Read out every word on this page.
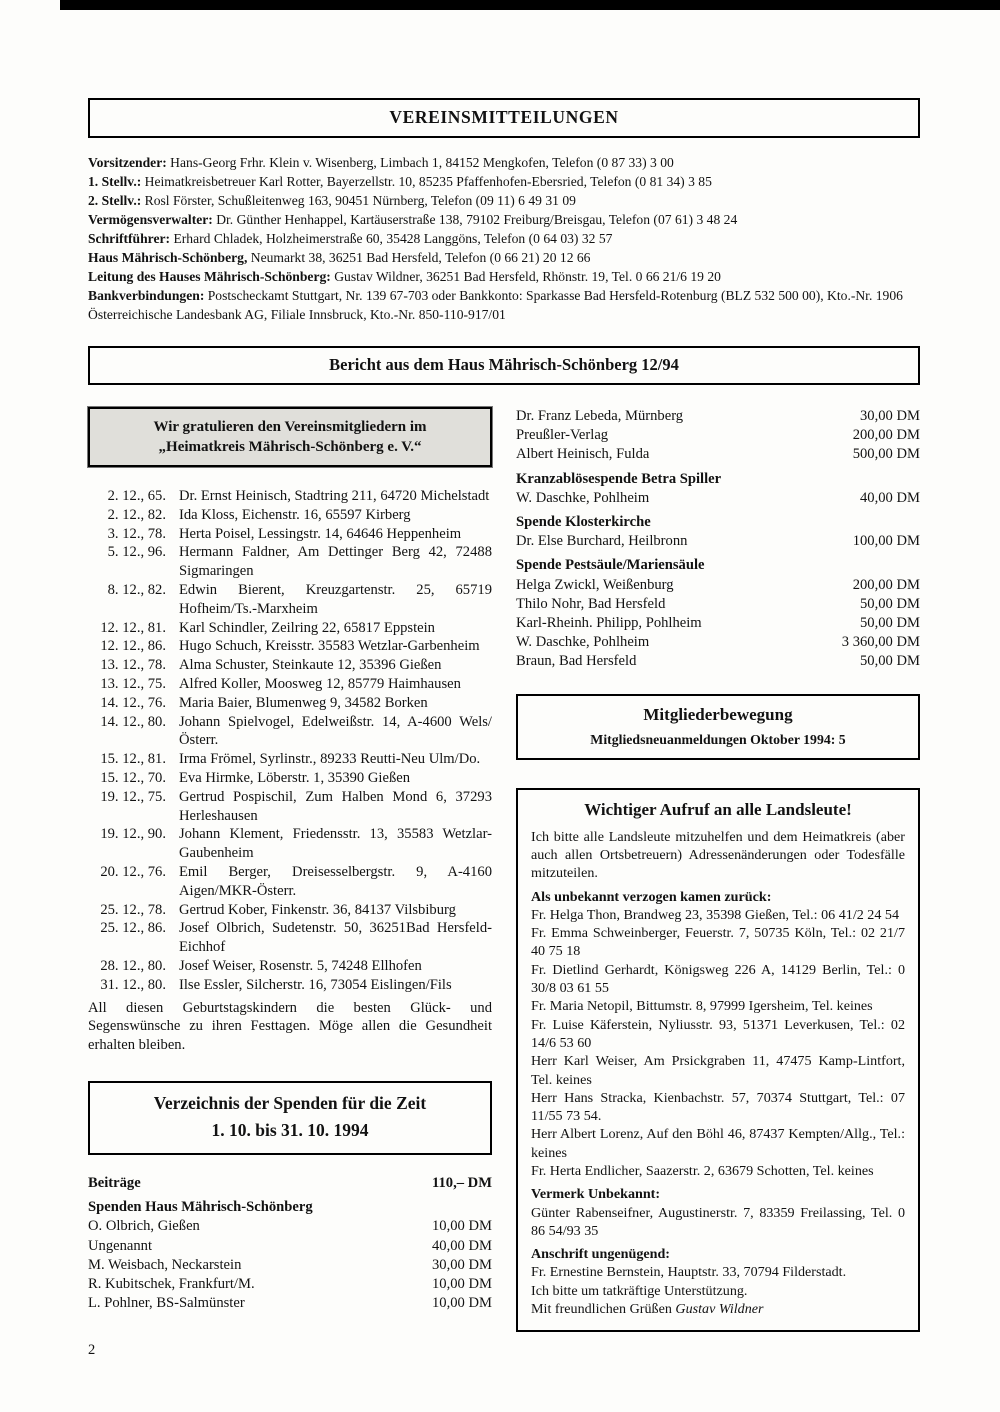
VEREINSMITTEILUNGEN
Vorsitzender: Hans-Georg Frhr. Klein v. Wisenberg, Limbach 1, 84152 Mengkofen, Telefon (0 87 33) 3 00
1. Stellv.: Heimatkreisbetreuer Karl Rotter, Bayerzellstr. 10, 85235 Pfaffenhofen-Ebersried, Telefon (0 81 34) 3 85
2. Stellv.: Rosl Förster, Schußleitenweg 163, 90451 Nürnberg, Telefon (09 11) 6 49 31 09
Vermögensverwalter: Dr. Günther Henhappel, Kartäuserstraße 138, 79102 Freiburg/Breisgau, Telefon (07 61) 3 48 24
Schriftführer: Erhard Chladek, Holzheimerstraße 60, 35428 Langgöns, Telefon (0 64 03) 32 57
Haus Mährisch-Schönberg, Neumarkt 38, 36251 Bad Hersfeld, Telefon (0 66 21) 20 12 66
Leitung des Hauses Mährisch-Schönberg: Gustav Wildner, 36251 Bad Hersfeld, Rhönstr. 19, Tel. 0 66 21/6 19 20
Bankverbindungen: Postscheckamt Stuttgart, Nr. 139 67-703 oder Bankkonto: Sparkasse Bad Hersfeld-Rotenburg (BLZ 532 500 00), Kto.-Nr. 1906 Österreichische Landesbank AG, Filiale Innsbruck, Kto.-Nr. 850-110-917/01
Bericht aus dem Haus Mährisch-Schönberg 12/94
Wir gratulieren den Vereinsmitgliedern im
„Heimatkreis Mährisch-Schönberg e. V.“
2. 12., 65. Dr. Ernst Heinisch, Stadtring 211, 64720 Michelstadt
2. 12., 82. Ida Kloss, Eichenstr. 16, 65597 Kirberg
3. 12., 78. Herta Poisel, Lessingstr. 14, 64646 Heppenheim
5. 12., 96. Hermann Faldner, Am Dettinger Berg 42, 72488 Sigmaringen
8. 12., 82. Edwin Bierent, Kreuzgartenstr. 25, 65719 Hofheim/Ts.-Marxheim
12. 12., 81. Karl Schindler, Zeilring 22, 65817 Eppstein
12. 12., 86. Hugo Schuch, Kreisstr. 35583 Wetzlar-Garbenheim
13. 12., 78. Alma Schuster, Steinkaute 12, 35396 Gießen
13. 12., 75. Alfred Koller, Moosweg 12, 85779 Haimhausen
14. 12., 76. Maria Baier, Blumenweg 9, 34582 Borken
14. 12., 80. Johann Spielvogel, Edelweißstr. 14, A-4600 Wels/Österr.
15. 12., 81. Irma Frömel, Syrlinstr., 89233 Reutti-Neu Ulm/Do.
15. 12., 70. Eva Hirmke, Löberstr. 1, 35390 Gießen
19. 12., 75. Gertrud Pospischil, Zum Halben Mond 6, 37293 Herleshausen
19. 12., 90. Johann Klement, Friedensstr. 13, 35583 Wetzlar-Gaubenheim
20. 12., 76. Emil Berger, Dreisesselbergstr. 9, A-4160 Aigen/MKR-Österr.
25. 12., 78. Gertrud Kober, Finkenstr. 36, 84137 Vilsbiburg
25. 12., 86. Josef Olbrich, Sudetenstr. 50, 36251Bad Hersfeld-Eichhof
28. 12., 80. Josef Weiser, Rosenstr. 5, 74248 Ellhofen
31. 12., 80. Ilse Essler, Silcherstr. 16, 73054 Eislingen/Fils

All diesen Geburtstagskindern die besten Glück- und Segenswünsche zu ihren Festtagen. Möge allen die Gesundheit erhalten bleiben.

Verzeichnis der Spenden für die Zeit
1. 10. bis 31. 10. 1994
Beiträge	110,– DM
Spenden Haus Mährisch-Schönberg
O. Olbrich, Gießen	10,00 DM
Ungenannt	40,00 DM
M. Weisbach, Neckarstein	30,00 DM
R. Kubitschek, Frankfurt/M.	10,00 DM
L. Pohlner, BS-Salmünster	10,00 DM
Dr. Franz Lebeda, Mürnberg	30,00 DM
Preußler-Verlag	200,00 DM
Albert Heinisch, Fulda	500,00 DM
Kranzablösespende Betra Spiller
W. Daschke, Pohlheim	40,00 DM
Spende Klosterkirche
Dr. Else Burchard, Heilbronn	100,00 DM
Spende Pestsäule/Mariensäule
Helga Zwickl, Weißenburg	200,00 DM
Thilo Nohr, Bad Hersfeld	50,00 DM
Karl-Rheinh. Philipp, Pohlheim	50,00 DM
W. Daschke, Pohlheim	3 360,00 DM
Braun, Bad Hersfeld	50,00 DM
Mitgliederbewegung
Mitgliedsneuanmeldungen Oktober 1994: 5
Wichtiger Aufruf an alle Landsleute!

Ich bitte alle Landsleute mitzuhelfen und dem Heimatkreis (aber auch allen Ortsbetreuern) Adressenänderungen oder Todesfälle mitzuteilen.

Als unbekannt verzogen kamen zurück:

Fr. Helga Thon, Brandweg 23, 35398 Gießen, Tel.: 06 41/2 24 54

Fr. Emma Schweinberger, Feuerstr. 7, 50735 Köln, Tel.: 02 21/7 40 75 18

Fr. Dietlind Gerhardt, Königsweg 226 A, 14129 Berlin, Tel.: 0 30/8 03 61 55

Fr. Maria Netopil, Bittumstr. 8, 97999 Igersheim, Tel. keines

Fr. Luise Käferstein, Nyliusstr. 93, 51371 Leverkusen, Tel.: 02 14/6 53 60

Herr Karl Weiser, Am Prsickgraben 11, 47475 Kamp-Lintfort, Tel. keines

Herr Hans Stracka, Kienbachstr. 57, 70374 Stuttgart, Tel.: 07 11/55 73 54.

Herr Albert Lorenz, Auf den Böhl 46, 87437 Kempten/Allg., Tel.: keines

Fr. Herta Endlicher, Saazerstr. 2, 63679 Schotten, Tel. keines

Vermerk Unbekannt:

Günter Rabenseifner, Augustinerstr. 7, 83359 Freilassing, Tel. 0 86 54/93 35

Anschrift ungenügend:

Fr. Ernestine Bernstein, Hauptstr. 33, 70794 Filderstadt.

Ich bitte um tatkräftige Unterstützung.

Mit freundlichen Grüßen Gustav Wildner

2
